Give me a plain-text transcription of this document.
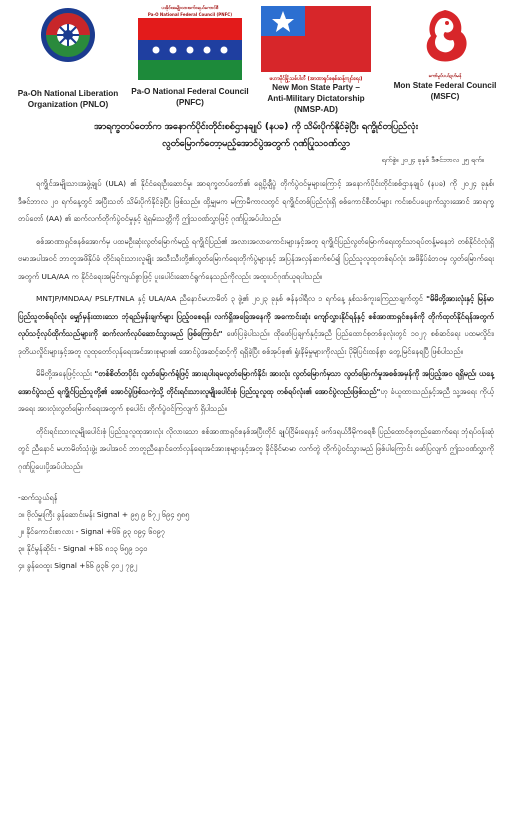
Pa-Oh National Liberation
Organization (PNLO)
ပအိုဝ်းအမျိုးသားဖက်ဒရယ်ကောင်စီ
Pa-O National Federal Council (PNFC)
Pa-O National Federal Council
(PNFC)
မဟာမိုင်မြို့သစ်ပါတီ (အာဏာရှင်စနစ်ဆန့်ကျင်ရေး)
New Mon State Party –
Anti-Military Dictatorship
(NMSP-AD)
ကော်မူပ်ပယ်ဍဟ်မန်
Mon State Federal Council
(MSFC)
အာရက္ခတပ်တော်က အနောက်ပိုင်းတိုင်းစစ်ဌာနချုပ် (နပခ) ကို သိမ်းပိုက်နိုင်ခဲ့ပြီး ရက္ခိုင်တပြည်လုံး
လွတ်မြောက်တော့မည့်အောင်ပွဲအတွက် ဂုဏ်ပြုသဝဏ်လွှာ
ရက်စွဲ။ ၂၀၂၄ ခုနှစ် ဒီဇင်ဘာလ ၂၅ ရက်။

ရက္ခိုင်အမျိုးသားအဖွဲ့ချုပ် (ULA) ၏ နိုင်ငံရေးဦးဆောင်မှု၊ အာရက္ခတပ်တော်၏ ရှေ့ပို့ချီပွဲ တိုက်ပွဲဝင်မှုများကြောင့် အနောက်ပိုင်းတိုင်းစစ်ဌာနချုပ် (နပခ) ကို ၂၀၂၄ ခုနှစ်၊ ဒီဇင်ဘာလ ၂၀ ရက်နေ့တွင် အပြီးသတ် သိမ်းပိုက်နိုင်ခဲ့ပြီး ဖြစ်သည်။ ထို့မျှမက မကြာမီကာလတွင် ရက္ခိုင်တစ်ပြည်လုံးရှိ စစ်ကောင်စီတပ်များ ကင်းစင်ပပျောက်သွားအောင် အာရက္ခတပ်တော် (AA) ၏ ဆက်လက်တိုက်ပွဲဝင်မှုနှင့် ရဲရှမ်းသတ္တိကို ဤသဝဏ်လွှာဖြင့် ဂုဏ်ပြုအပ်ပါသည်။

စစ်အာဏာရှင်စနစ်အောက်မှ ပထမဦးဆုံးလွတ်မြောက်မည့် ရက္ခိုင်ပြည်၏ အလားအလာကောင်းများနှင့်အတူ ရက္ခိုင်ပြည်လွတ်မြောက်ရေးတွင်သာရပ်တန့်မနေဘဲ တစ်နိုင်ငံလုံးရှိ ဗမာအပါအဝင် ဘာတူအဖိနှိပ်ခံ တိုင်းရင်းသားလူမျိုး အသီးသီးတို့၏လွတ်မြောက်ရေးတိုက်ပွဲများနှင့် အပြန်အလှန်ဆက်စပ်၍ ပြည်သူလူထုတစ်ရပ်လုံး အဖိနှိပ်ခံဘဝမှ လွတ်မြောက်ရေးအတွက် ULA/AA က နိုင်ငံရေးအမြင်ကျယ်စွာဖြင့် ပူးပေါင်းဆောင်ရွက်နေသည်ကိုလည်း အထူးပင်ဂုဏ်ယူရပါသည်။

MNTJP/MNDAA/ PSLF/TNLA နှင့် ULA/AA ညီနောင်မဟာမိတ် ၃ ဖွဲ့၏ ၂၀၂၃ ခုနှစ် ဇန်နဝါရီလ ၁ ရက်နေ့ နှစ်သစ်ကူးကြေညာချက်တွင် "မိမိတို့အားလုံးနှင့် မြန်မာပြည်သူတစ်ရပ်လုံး မျှော်မှန်းထားသော ဘုံရည်မှန်းချက်များ ပြည့်ဝစေရန်၊ လက်ရှိအခြေအနေကို အကောင်းဆုံး ကျော်လွှားနိုင်ရန်နှင့် စစ်အာဏာရှင်စနစ်ကို တိုက်ထုတ်နိုင်ရန်အတွက် လုပ်သင့်လုပ်ထိုက်သည်များကို ဆက်လက်လုပ်ဆောင်သွားမည် ဖြစ်ကြောင်း" ဖော်ပြခဲ့ပါသည်။ ထိုဖော်ပြချက်နှင့်အညီ ပြည်ထောင်စုတစ်ခုလုံးတွင် ၁၀၂၇ စစ်ဆင်ရေး ပထမလှိုင်း၊ ဒုတိယလှိုင်းများနှင့်အတူ လူထုတော်လှန်ရေးအင်အားစုများ၏ အောင်ပွဲအဆင့်ဆင့်ကို ရရှိခဲ့ပြီး စစ်အုပ်စု၏ ရှုံးနိမ့်မှုများကိုလည်း ပိုမိုပြင်းထန်စွာ တွေ့မြင်နေရပြီ ဖြစ်ပါသည်။

မိမိတို့အနေဖြင့်လည်း "တစ်စိတ်တပိုင်း လွတ်မြောက်ရုံဖြင့် အားရပါးရမလွတ်မြောက်နိုင်၊ အားလုံး လွတ်မြောက်မှသာ လွတ်မြောက်မှုအစစ်အမှန်ကို အပြည့်အဝ ရရှိမည်၊ ယနေ့အောင်ပွဲသည် ရက္ခိုင်ပြည်သူတို့၏ အောင်ပွဲဖြစ်သကဲ့သို့ တိုင်းရင်းသားလူမျိုးပေါင်းစုံ ပြည်သူလူထု တစ်ရပ်လုံး၏ အောင်ပွဲလည်းဖြစ်သည်"ဟု ခံယူထားသည်နှင့်အညီ သူ့အရေး ကိုယ့်အရေး အားလုံးလွတ်မြောက်ရေးအတွက် စုပေါင်း တိုက်ပွဲဝင်ကြလျက် ရှိပါသည်။

တိုင်းရင်းသားလူမျိုးပေါင်းစုံ ပြည်သူလူထုအားလုံး လိုလားသော စစ်အာဏာရှင်စနစ်အပြီးတိုင် ချုပ်ငြိမ်းရေးနှင့် ဖက်ဒရယ်ဒီမိုကရေစီ ပြည်ထောင်စုတည်ဆောက်ရေး ဘုံရပ်ဝန်းဆုံတွင် ညီနောင် မဟာမိတ်သုံးဖွဲ့၊ အပါအဝင် ဘာတူညီနောင်တော်လှန်ရေးအင်အားစုများနှင့်အတူ ခိုင်ခိုင်မာမာ လက်တွဲ တိုက်ပွဲဝင်သွားမည် ဖြစ်ပါကြောင်း ဖော်ပြလျက် ဤသဝဏ်လွှာကို ဂုဏ်ပြုပေးပို့အပ်ပါသည်။

-ဆက်သွယ်ရန်
၁။ ဗိုလ်မှူးကြီး ခွန်ဆောင်းမန်း Signal + ၉၅ ၉ ၆၇၂ ၆၉၄ ၅၈၅
၂။ နိုင်ကောင်းစာလား - Signal +၆၆ ၉၃ ၀၉၄ ၆၀၉၇
၃။ နိုင်မွန်ဆိုင်း - Signal +၆၆ ၈၁၃ ၆၅၉ ၁၄၀
၄။ ခွန်ဝေထူး Signal +၆၆ ၉၃၆ ၄၀၂ ၇၉၂
